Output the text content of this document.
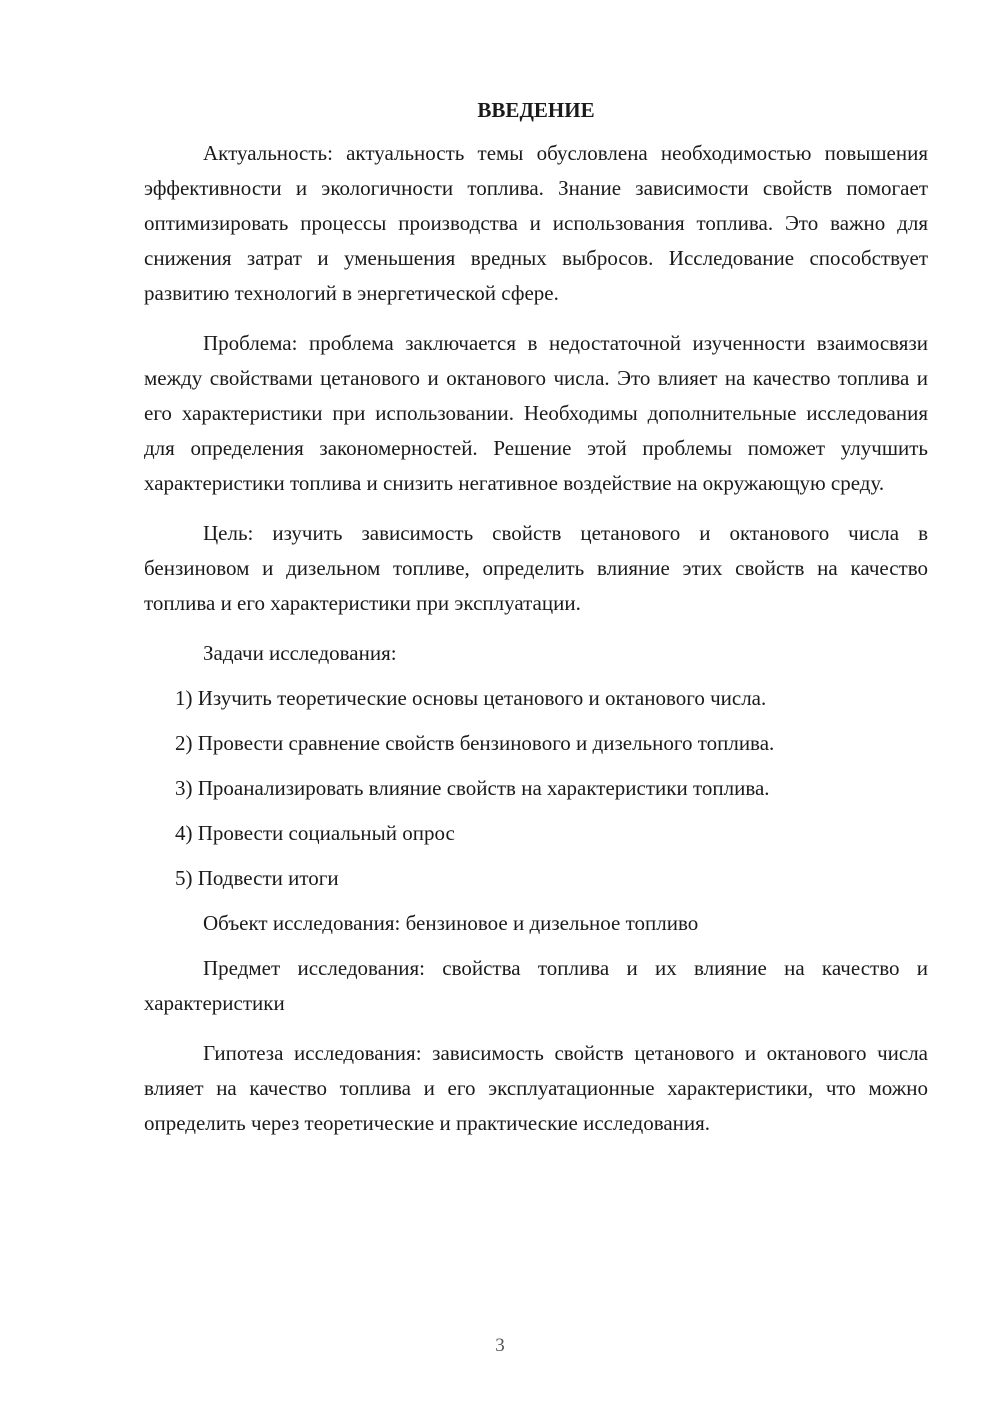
ВВЕДЕНИЕ

Актуальность: актуальность темы обусловлена необходимостью повышения эффективности и экологичности топлива. Знание зависимости свойств помогает оптимизировать процессы производства и использования топлива. Это важно для снижения затрат и уменьшения вредных выбросов. Исследование способствует развитию технологий в энергетической сфере.

Проблема: проблема заключается в недостаточной изученности взаимосвязи между свойствами цетанового и октанового числа. Это влияет на качество топлива и его характеристики при использовании. Необходимы дополнительные исследования для определения закономерностей. Решение этой проблемы поможет улучшить характеристики топлива и снизить негативное воздействие на окружающую среду.

Цель: изучить зависимость свойств цетанового и октанового числа в бензиновом и дизельном топливе, определить влияние этих свойств на качество топлива и его характеристики при эксплуатации.

Задачи исследования:

1) Изучить теоретические основы цетанового и октанового числа.

2) Провести сравнение свойств бензинового и дизельного топлива.

3) Проанализировать влияние свойств на характеристики топлива.

4) Провести социальный опрос

5) Подвести итоги

Объект исследования: бензиновое и дизельное топливо

Предмет исследования: свойства топлива и их влияние на качество и характеристики

Гипотеза исследования: зависимость свойств цетанового и октанового числа влияет на качество топлива и его эксплуатационные характеристики, что можно определить через теоретические и практические исследования.

3
